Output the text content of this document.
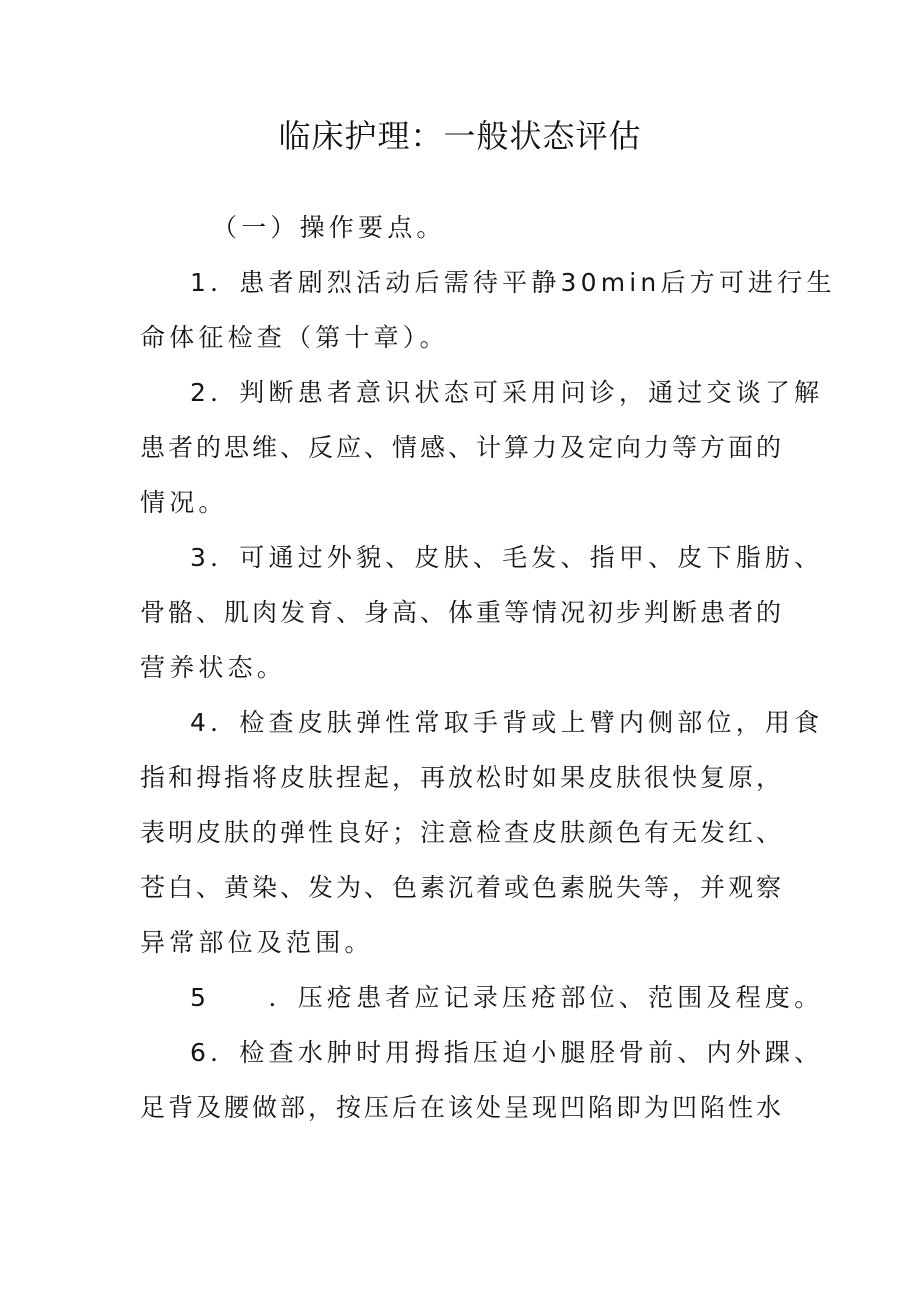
临床护理：一般状态评估
（一）操作要点。
1．患者剧烈活动后需待平静30min后方可进行生
命体征检查（第十章）。
2．判断患者意识状态可采用问诊，通过交谈了解
患者的思维、反应、情感、计算力及定向力等方面的
情况。
3．可通过外貌、皮肤、毛发、指甲、皮下脂肪、
骨骼、肌肉发育、身高、体重等情况初步判断患者的
营养状态。
4．检查皮肤弹性常取手背或上臂内侧部位，用食
指和拇指将皮肤捏起，再放松时如果皮肤很快复原，
表明皮肤的弹性良好；注意检查皮肤颜色有无发红、
苍白、黄染、发为、色素沉着或色素脱失等，并观察
异常部位及范围。
5　　．压疮患者应记录压疮部位、范围及程度。
6．检查水肿时用拇指压迫小腿胫骨前、内外踝、
足背及腰做部，按压后在该处呈现凹陷即为凹陷性水
